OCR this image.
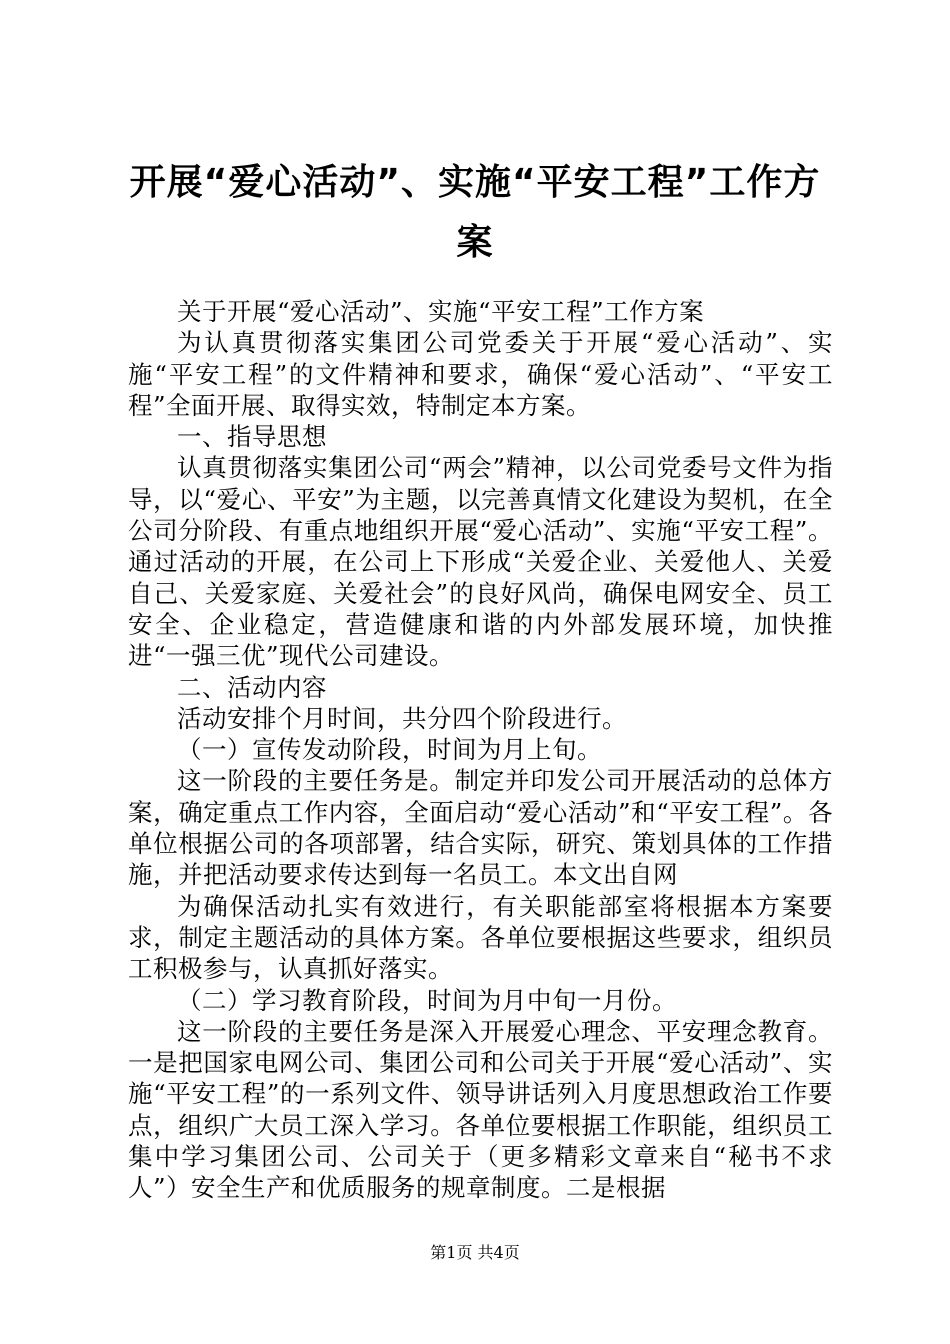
开展“爱心活动”、实施“平安工程”工作方
案

关于开展“爱心活动”、实施“平安工程”工作方案

为认真贯彻落实集团公司党委关于开展“爱心活动”、实施“平安工程”的文件精神和要求，确保“爱心活动”、“平安工程”全面开展、取得实效，特制定本方案。

一、指导思想

认真贯彻落实集团公司“两会”精神，以公司党委号文件为指导，以“爱心、平安”为主题，以完善真情文化建设为契机，在全公司分阶段、有重点地组织开展“爱心活动”、实施“平安工程”。通过活动的开展，在公司上下形成“关爱企业、关爱他人、关爱自己、关爱家庭、关爱社会”的良好风尚，确保电网安全、员工安全、企业稳定，营造健康和谐的内外部发展环境，加快推进“一强三优”现代公司建设。

二、活动内容

活动安排个月时间，共分四个阶段进行。

（一）宣传发动阶段，时间为月上旬。

这一阶段的主要任务是。制定并印发公司开展活动的总体方案，确定重点工作内容，全面启动“爱心活动”和“平安工程”。各单位根据公司的各项部署，结合实际，研究、策划具体的工作措施，并把活动要求传达到每一名员工。本文出自网

为确保活动扎实有效进行，有关职能部室将根据本方案要求，制定主题活动的具体方案。各单位要根据这些要求，组织员工积极参与，认真抓好落实。

（二）学习教育阶段，时间为月中旬一月份。

这一阶段的主要任务是深入开展爱心理念、平安理念教育。一是把国家电网公司、集团公司和公司关于开展“爱心活动”、实施“平安工程”的一系列文件、领导讲话列入月度思想政治工作要点，组织广大员工深入学习。各单位要根据工作职能，组织员工集中学习集团公司、公司关于（更多精彩文章来自“秘书不求人”）安全生产和优质服务的规章制度。二是根据

第1页 共4页
